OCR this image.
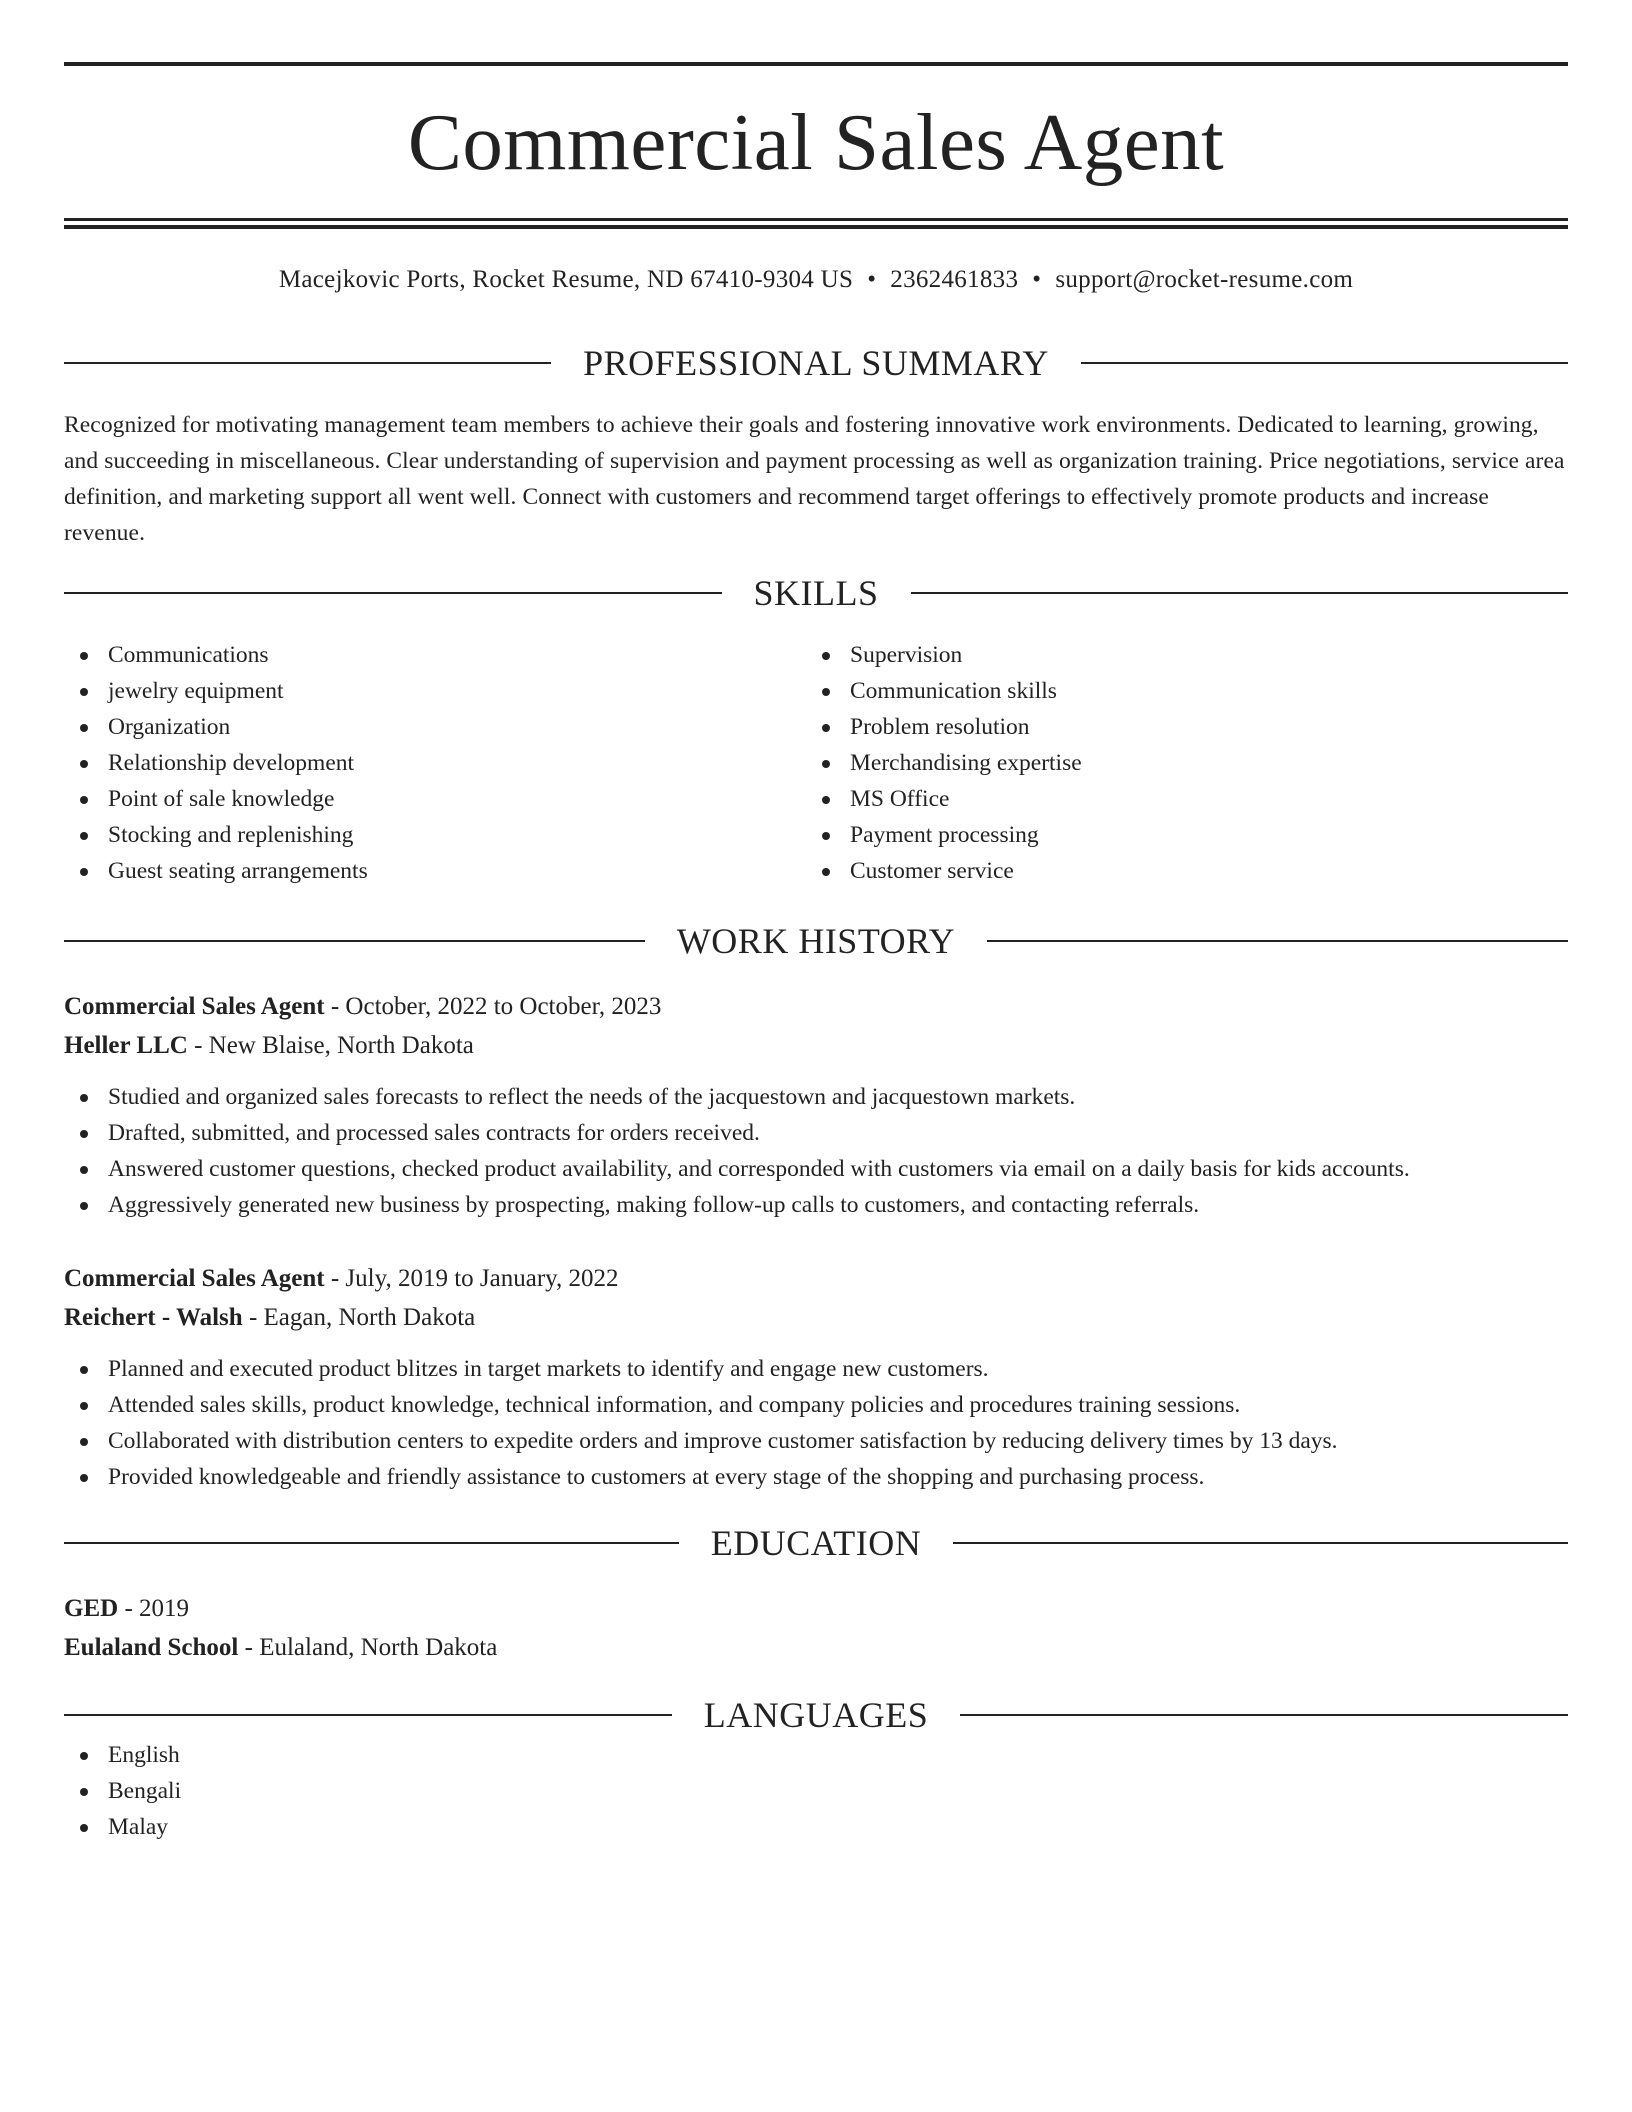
Commercial Sales Agent
Macejkovic Ports, Rocket Resume, ND 67410-9304 US • 2362461833 • support@rocket-resume.com
PROFESSIONAL SUMMARY
Recognized for motivating management team members to achieve their goals and fostering innovative work environments. Dedicated to learning, growing, and succeeding in miscellaneous. Clear understanding of supervision and payment processing as well as organization training. Price negotiations, service area definition, and marketing support all went well. Connect with customers and recommend target offerings to effectively promote products and increase revenue.
SKILLS
Communications
jewelry equipment
Organization
Relationship development
Point of sale knowledge
Stocking and replenishing
Guest seating arrangements
Supervision
Communication skills
Problem resolution
Merchandising expertise
MS Office
Payment processing
Customer service
WORK HISTORY
Commercial Sales Agent - October, 2022 to October, 2023
Heller LLC - New Blaise, North Dakota
Studied and organized sales forecasts to reflect the needs of the jacquestown and jacquestown markets.
Drafted, submitted, and processed sales contracts for orders received.
Answered customer questions, checked product availability, and corresponded with customers via email on a daily basis for kids accounts.
Aggressively generated new business by prospecting, making follow-up calls to customers, and contacting referrals.
Commercial Sales Agent - July, 2019 to January, 2022
Reichert - Walsh - Eagan, North Dakota
Planned and executed product blitzes in target markets to identify and engage new customers.
Attended sales skills, product knowledge, technical information, and company policies and procedures training sessions.
Collaborated with distribution centers to expedite orders and improve customer satisfaction by reducing delivery times by 13 days.
Provided knowledgeable and friendly assistance to customers at every stage of the shopping and purchasing process.
EDUCATION
GED - 2019
Eulaland School - Eulaland, North Dakota
LANGUAGES
English
Bengali
Malay
